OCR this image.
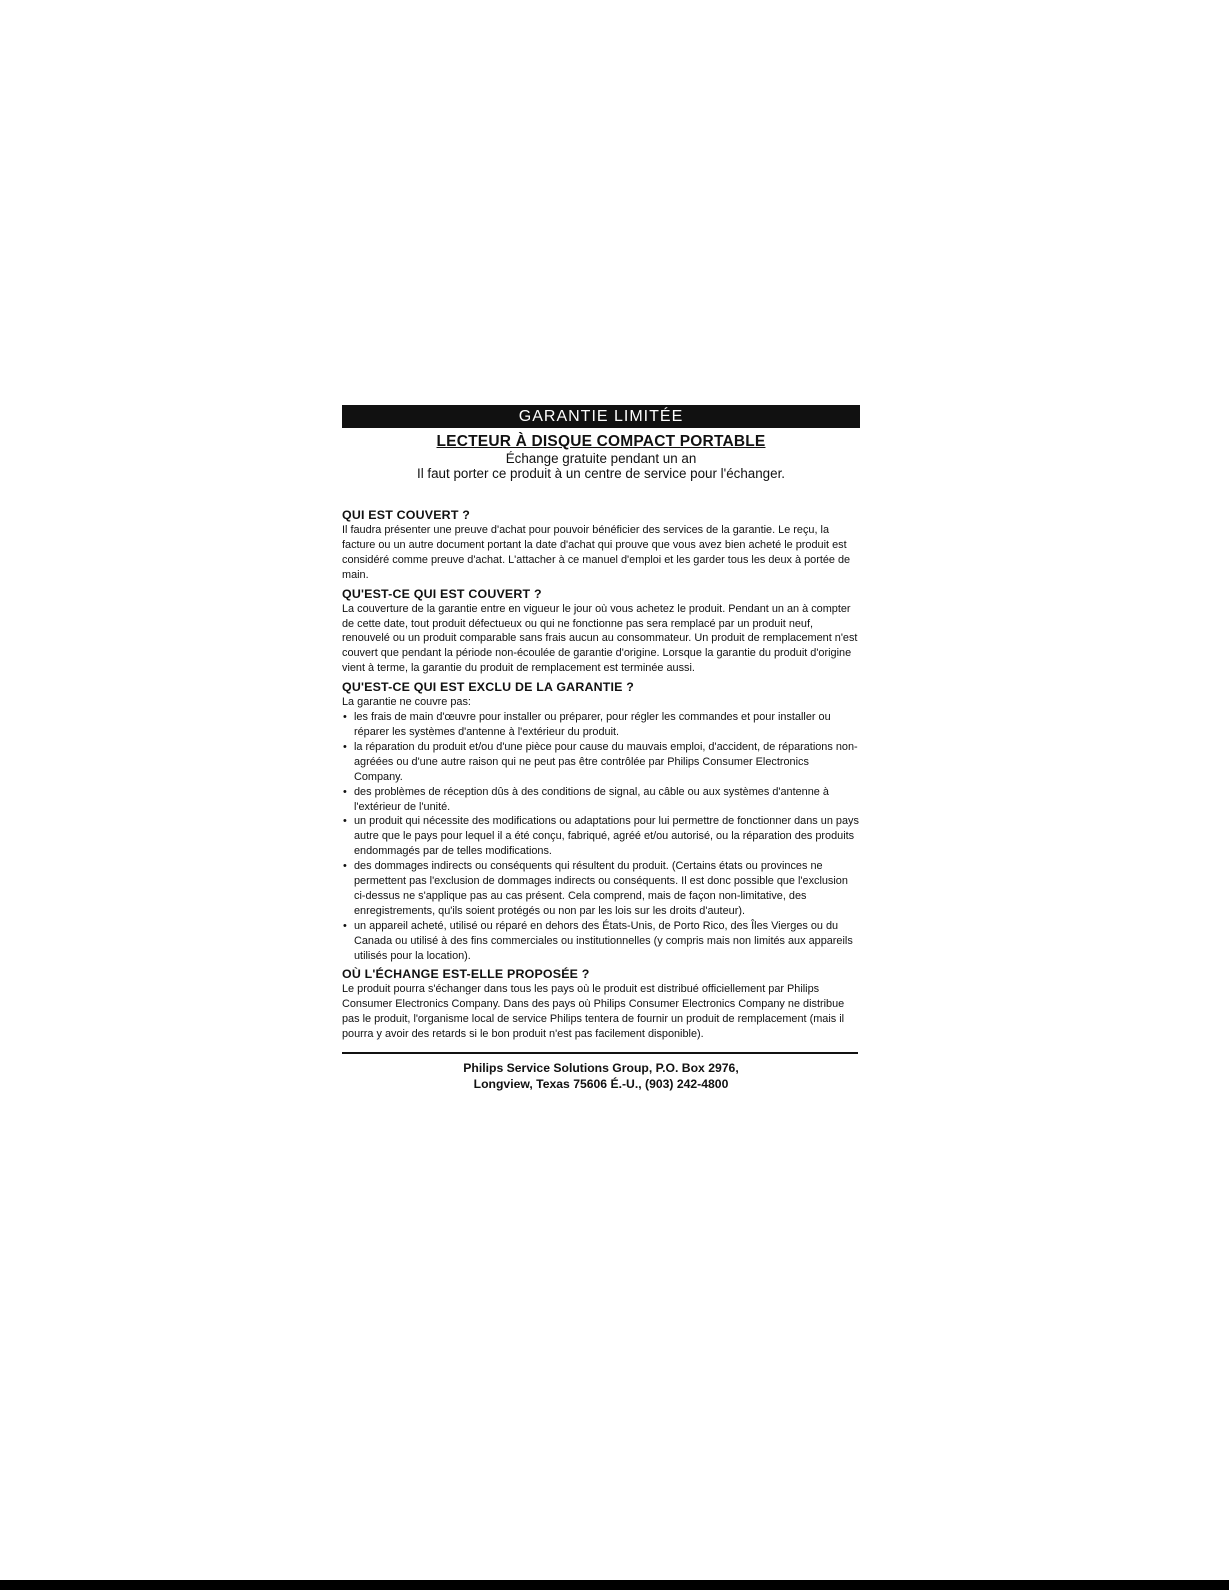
GARANTIE LIMITÉE
LECTEUR À DISQUE COMPACT PORTABLE
Échange gratuite pendant un an
Il faut porter ce produit à un centre de service pour l'échanger.
QUI EST COUVERT ?

Il faudra présenter une preuve d'achat pour pouvoir bénéficier des services de la garantie. Le reçu, la facture ou un autre document portant la date d'achat qui prouve que vous avez bien acheté le produit est considéré comme preuve d'achat. L'attacher à ce manuel d'emploi et les garder tous les deux à portée de main.

QU'EST-CE QUI EST COUVERT ?

La couverture de la garantie entre en vigueur le jour où vous achetez le produit. Pendant un an à compter de cette date, tout produit défectueux ou qui ne fonctionne pas sera remplacé par un produit neuf, renouvelé ou un produit comparable sans frais aucun au consommateur. Un produit de remplacement n'est couvert que pendant la période non-écoulée de garantie d'origine. Lorsque la garantie du produit d'origine vient à terme, la garantie du produit de remplacement est terminée aussi.

QU'EST-CE QUI EST EXCLU DE LA GARANTIE ?

La garantie ne couvre pas:

• les frais de main d'œuvre pour installer ou préparer, pour régler les commandes et pour installer ou réparer les systèmes d'antenne à l'extérieur du produit.
• la réparation du produit et/ou d'une pièce pour cause du mauvais emploi, d'accident, de réparations non-agréées ou d'une autre raison qui ne peut pas être contrôlée par Philips Consumer Electronics Company.
• des problèmes de réception dûs à des conditions de signal, au câble ou aux systèmes d'antenne à l'extérieur de l'unité.
• un produit qui nécessite des modifications ou adaptations pour lui permettre de fonctionner dans un pays autre que le pays pour lequel il a été conçu, fabriqué, agréé et/ou autorisé, ou la réparation des produits endommagés par de telles modifications.
• des dommages indirects ou conséquents qui résultent du produit. (Certains états ou provinces ne permettent pas l'exclusion de dommages indirects ou conséquents. Il est donc possible que l'exclusion ci-dessus ne s'applique pas au cas présent. Cela comprend, mais de façon non-limitative, des enregistrements, qu'ils soient protégés ou non par les lois sur les droits d'auteur).
• un appareil acheté, utilisé ou réparé en dehors des États-Unis, de Porto Rico, des Îles Vierges ou du Canada ou utilisé à des fins commerciales ou institutionnelles (y compris mais non limités aux appareils utilisés pour la location).
OÙ L'ÉCHANGE EST-ELLE PROPOSÉE ?

Le produit pourra s'échanger dans tous les pays où le produit est distribué officiellement par Philips Consumer Electronics Company. Dans des pays où Philips Consumer Electronics Company ne distribue pas le produit, l'organisme local de service Philips tentera de fournir un produit de remplacement (mais il pourra y avoir des retards si le bon produit n'est pas facilement disponible).

Philips Service Solutions Group, P.O. Box 2976,
Longview, Texas 75606 É.-U., (903) 242-4800
